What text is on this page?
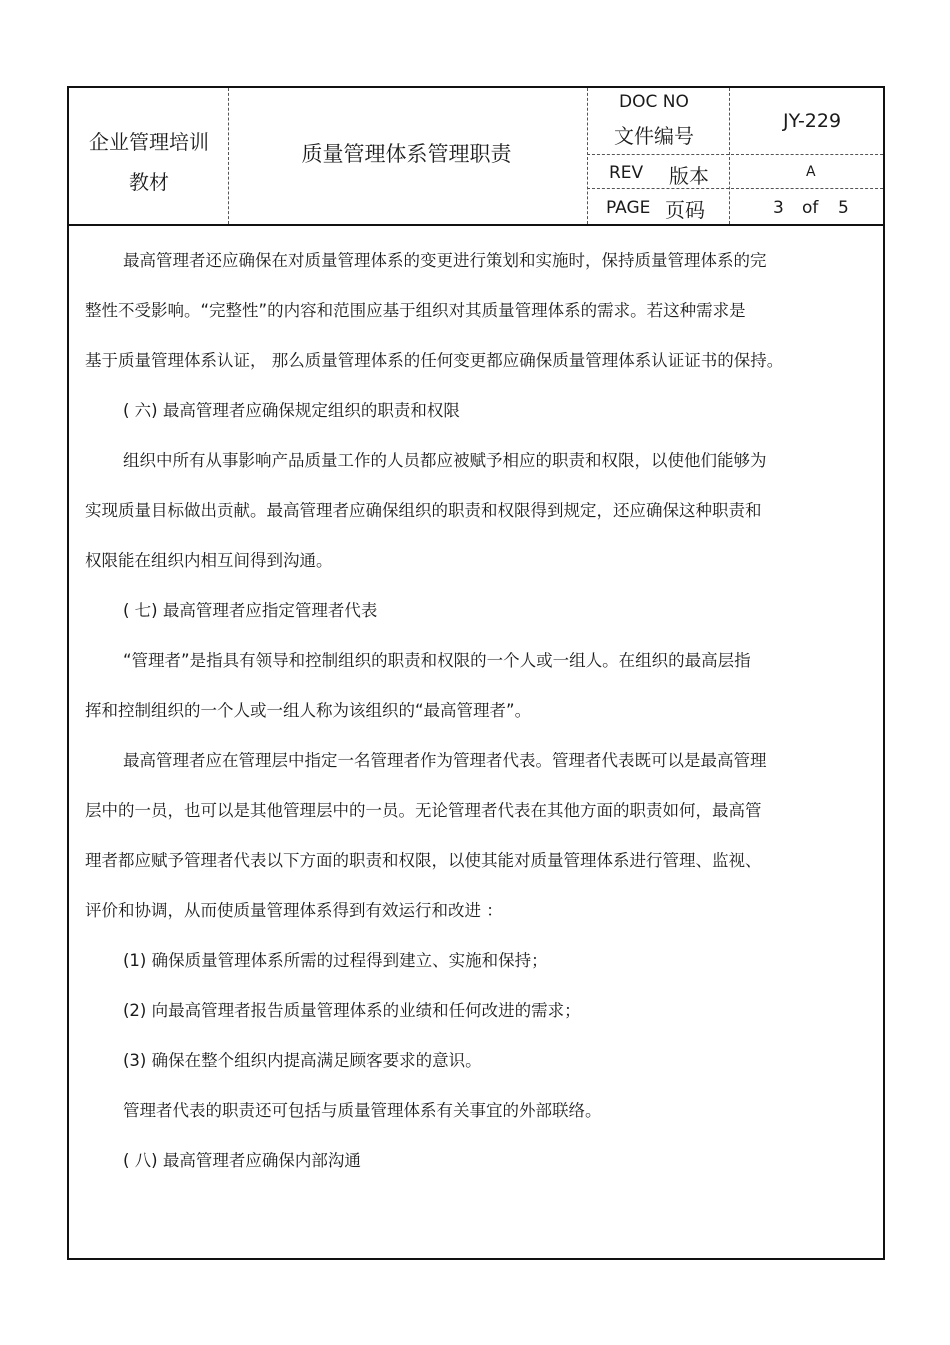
企业管理培训
教材
质量管理体系管理职责
DOC NO
文件编号
JY-229
REV 版本	A
PAGE 页码	3 of 5

最高管理者还应确保在对质量管理体系的变更进行策划和实施时，保持质量管理体系的完

整性不受影响。“完整性”的内容和范围应基于组织对其质量管理体系的需求。若这种需求是

基于质量管理体系认证， 那么质量管理体系的任何变更都应确保质量管理体系认证证书的保持。

( 六) 最高管理者应确保规定组织的职责和权限

组织中所有从事影响产品质量工作的人员都应被赋予相应的职责和权限，以使他们能够为

实现质量目标做出贡献。最高管理者应确保组织的职责和权限得到规定，还应确保这种职责和

权限能在组织内相互间得到沟通。

( 七) 最高管理者应指定管理者代表

“管理者”是指具有领导和控制组织的职责和权限的一个人或一组人。在组织的最高层指

挥和控制组织的一个人或一组人称为该组织的“最高管理者”。

最高管理者应在管理层中指定一名管理者作为管理者代表。管理者代表既可以是最高管理

层中的一员，也可以是其他管理层中的一员。无论管理者代表在其他方面的职责如何，最高管

理者都应赋予管理者代表以下方面的职责和权限，以使其能对质量管理体系进行管理、监视、

评价和协调，从而使质量管理体系得到有效运行和改进 ：

(1) 确保质量管理体系所需的过程得到建立、实施和保持；

(2) 向最高管理者报告质量管理体系的业绩和任何改进的需求；

(3) 确保在整个组织内提高满足顾客要求的意识。

管理者代表的职责还可包括与质量管理体系有关事宜的外部联络。

( 八) 最高管理者应确保内部沟通
